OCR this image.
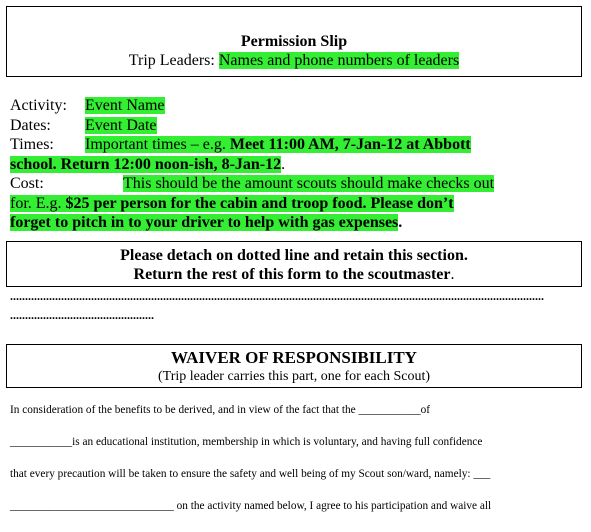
Permission Slip
Trip Leaders: Names and phone numbers of leaders
Activity: Event Name
Dates: Event Date
Times: Important times – e.g. Meet 11:00 AM, 7-Jan-12 at Abbott
school. Return 12:00 noon-ish, 8-Jan-12.
Cost:	This should be the amount scouts should make checks out
for. E.g. $25 per person for the cabin and troop food. Please don’t
forget to pitch in to your driver to help with gas expenses.
Please detach on dotted line and retain this section.
Return the rest of this form to the scoutmaster.
..................................................................................................................................................................................
................................................
WAIVER OF RESPONSIBILITY
(Trip leader carries this part, one for each Scout)
In consideration of the benefits to be derived, and in view of the fact that the ___________of
___________is an educational institution, membership in which is voluntary, and having full confidence
that every precaution will be taken to ensure the safety and well being of my Scout son/ward, namely: ___
_____________________________ on the activity named below, I agree to his participation and waive all
